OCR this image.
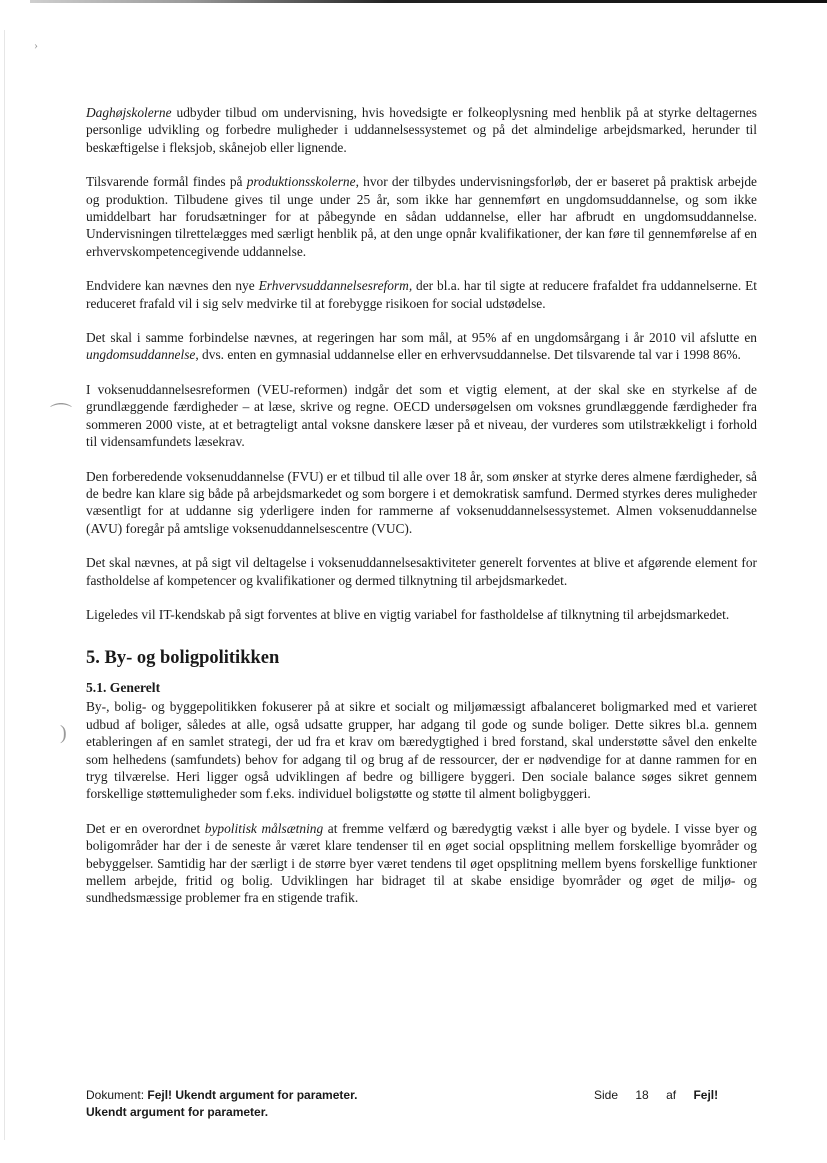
›
⌒
)

Daghøjskolerne udbyder tilbud om undervisning, hvis hovedsigte er folkeoplysning med henblik på at styrke deltagernes personlige udvikling og forbedre muligheder i uddannelsessystemet og på det almindelige arbejdsmarked, herunder til beskæftigelse i fleksjob, skånejob eller lignende.

Tilsvarende formål findes på produktionsskolerne, hvor der tilbydes undervisningsforløb, der er baseret på praktisk arbejde og produktion. Tilbudene gives til unge under 25 år, som ikke har gennemført en ungdomsuddannelse, og som ikke umiddelbart har forudsætninger for at påbegynde en sådan uddannelse, eller har afbrudt en ungdomsuddannelse. Undervisningen tilrettelægges med særligt henblik på, at den unge opnår kvalifikationer, der kan føre til gennemførelse af en erhvervskompetencegivende uddannelse.

Endvidere kan nævnes den nye Erhvervsuddannelsesreform, der bl.a. har til sigte at reducere frafaldet fra uddannelserne. Et reduceret frafald vil i sig selv medvirke til at forebygge risikoen for social udstødelse.

Det skal i samme forbindelse nævnes, at regeringen har som mål, at 95% af en ungdomsårgang i år 2010 vil afslutte en ungdomsuddannelse, dvs. enten en gymnasial uddannelse eller en erhvervsuddannelse. Det tilsvarende tal var i 1998 86%.

I voksenuddannelsesreformen (VEU-reformen) indgår det som et vigtig element, at der skal ske en styrkelse af de grundlæggende færdigheder – at læse, skrive og regne. OECD undersøgelsen om voksnes grundlæggende færdigheder fra sommeren 2000 viste, at et betragteligt antal voksne danskere læser på et niveau, der vurderes som utilstrækkeligt i forhold til vidensamfundets læsekrav.

Den forberedende voksenuddannelse (FVU) er et tilbud til alle over 18 år, som ønsker at styrke deres almene færdigheder, så de bedre kan klare sig både på arbejdsmarkedet og som borgere i et demokratisk samfund. Dermed styrkes deres muligheder væsentligt for at uddanne sig yderligere inden for rammerne af voksenuddannelsessystemet. Almen voksenuddannelse (AVU) foregår på amtslige voksenuddannelsescentre (VUC).

Det skal nævnes, at på sigt vil deltagelse i voksenuddannelsesaktiviteter generelt forventes at blive et afgørende element for fastholdelse af kompetencer og kvalifikationer og dermed tilknytning til arbejdsmarkedet.

Ligeledes vil IT-kendskab på sigt forventes at blive en vigtig variabel for fastholdelse af tilknytning til arbejdsmarkedet.

5. By- og boligpolitikken
5.1. Generelt

By-, bolig- og byggepolitikken fokuserer på at sikre et socialt og miljømæssigt afbalanceret boligmarked med et varieret udbud af boliger, således at alle, også udsatte grupper, har adgang til gode og sunde boliger. Dette sikres bl.a. gennem etableringen af en samlet strategi, der ud fra et krav om bæredygtighed i bred forstand, skal understøtte såvel den enkelte som helhedens (samfundets) behov for adgang til og brug af de ressourcer, der er nødvendige for at danne rammen for en tryg tilværelse. Heri ligger også udviklingen af bedre og billigere byggeri. Den sociale balance søges sikret gennem forskellige støttemuligheder som f.eks. individuel boligstøtte og støtte til alment boligbyggeri.

Det er en overordnet bypolitisk målsætning at fremme velfærd og bæredygtig vækst i alle byer og bydele. I visse byer og boligområder har der i de seneste år været klare tendenser til en øget social opsplitning mellem forskellige byområder og bebyggelser. Samtidig har der særligt i de større byer været tendens til øget opsplitning mellem byens forskellige funktioner mellem arbejde, fritid og bolig. Udviklingen har bidraget til at skabe ensidige byområder og øget de miljø- og sundhedsmæssige problemer fra en stigende trafik.

Dokument: Fejl! Ukendt argument for parameter.
Ukendt argument for parameter.
Side 18 af Fejl!
